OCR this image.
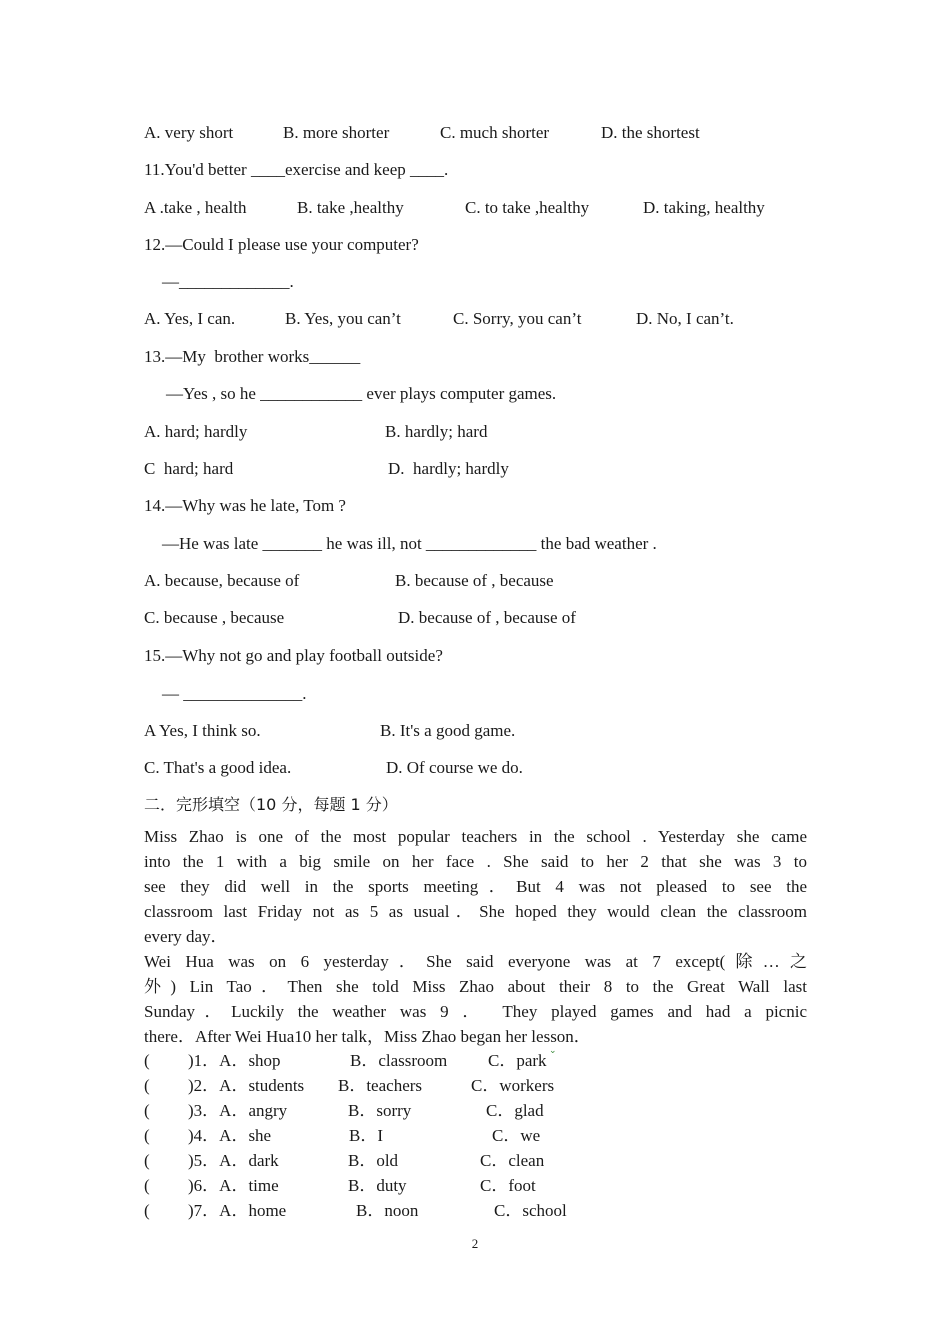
A. very short	B. more shorter	C. much shorter	D. the shortest
11.You'd better ____exercise and keep ____.
A .take , health	B. take ,healthy	C. to take ,healthy	D. taking, healthy
12.—Could I please use your computer?
—_____________.
A. Yes, I can.	B. Yes, you can’t	C. Sorry, you can’t	D. No, I can’t.
13.—My  brother works______
—Yes , so he ____________ ever plays computer games.
A. hard; hardly	B. hardly; hard
C  hard; hard	D.  hardly; hardly
14.—Why was he late, Tom ?
—He was late _______ he was ill, not _____________ the bad weather .
A. because, because of	B. because of , because
C. because , because	D. because of , because of
15.—Why not go and play football outside?
— ______________.
A Yes, I think so.	B. It's a good game.
C. That's a good idea.	D. Of course we do.
二．完形填空（10 分，每题 1 分）
Miss Zhao is one of the most popular teachers in the school . Yesterday she came
into the 1 with a big smile on her face . She said to her 2 that she was 3 to
see they did well in the sports meeting．But 4 was not pleased to see the
classroom last Friday not as 5 as usual．She hoped they would clean the classroom
every day．
Wei Hua was on 6 yesterday．She said everyone was at 7 except(除…之
外) Lin Tao．Then she told Miss Zhao about their 8 to the Great Wall last
Sunday．Luckily the weather was 9 ． They played games and had a picnic
there．After Wei Hua10 her talk，Miss Zhao began her lesson．
( )1．A．shop	B．classroom C．park
( )2．A．students B．teachers	C．workers
( )3．A．angry	B．sorry	C．glad
( )4．A．she	B．I	C．we
( )5．A．dark	B．old	C．clean
( )6．A．time	B．duty	C．foot
( )7．A．home	B．noon	C．school
⌄
2
